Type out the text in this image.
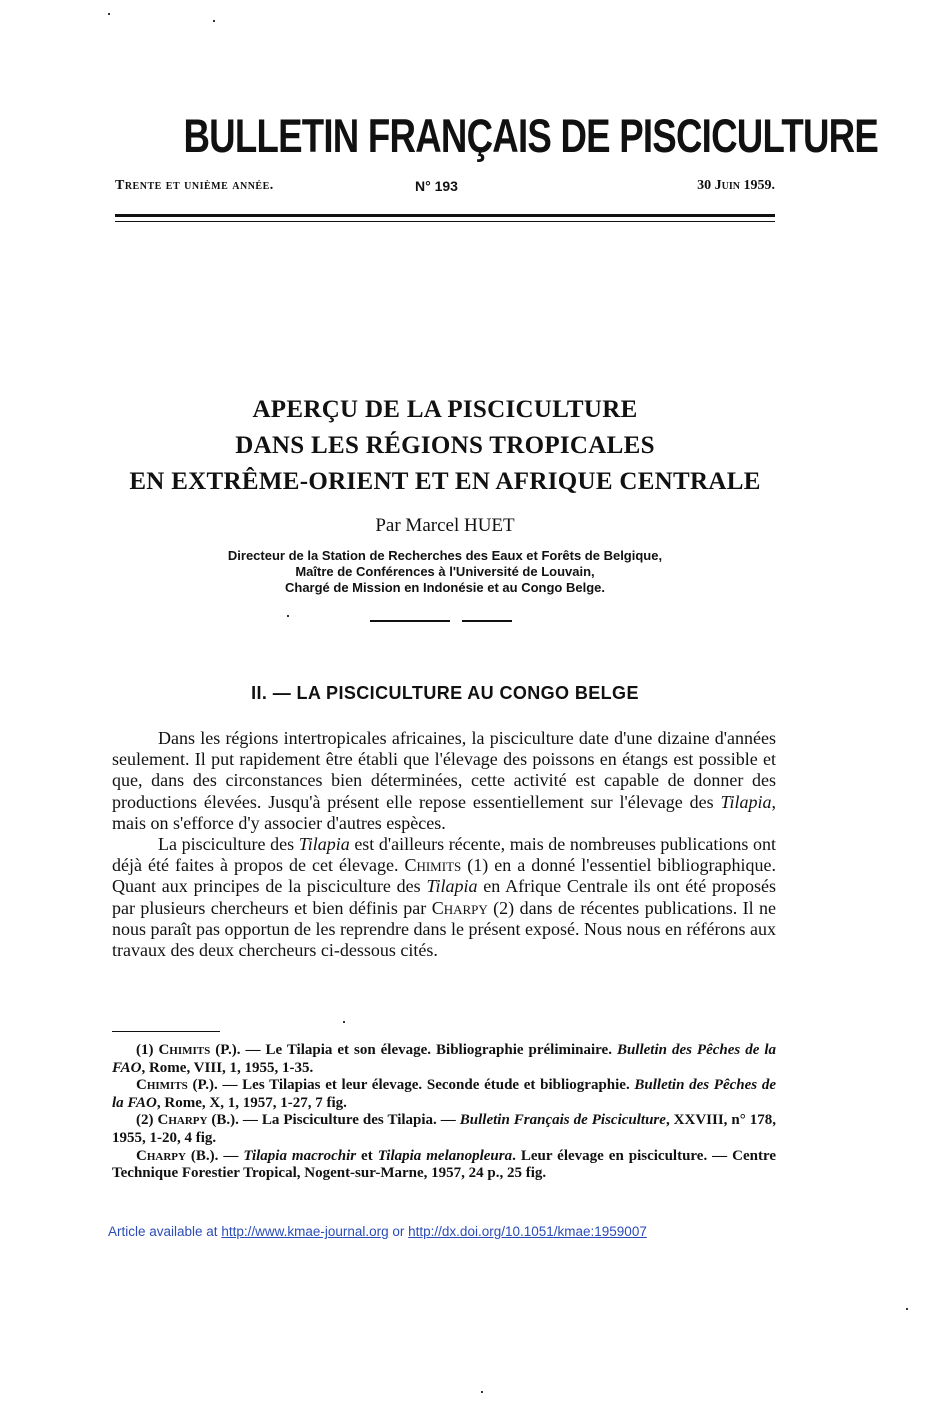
BULLETIN FRANÇAIS DE PISCICULTURE
Trente et unième année.	N° 193	30 Juin 1959.
APERÇU DE LA PISCICULTURE
DANS LES RÉGIONS TROPICALES
EN EXTRÊME-ORIENT ET EN AFRIQUE CENTRALE
Par Marcel HUET
Directeur de la Station de Recherches des Eaux et Forêts de Belgique,
Maître de Conférences à l'Université de Louvain,
Chargé de Mission en Indonésie et au Congo Belge.
II. — LA PISCICULTURE AU CONGO BELGE

Dans les régions intertropicales africaines, la pisciculture date d'une dizaine d'années seulement. Il put rapidement être établi que l'élevage des poissons en étangs est possible et que, dans des circonstances bien déterminées, cette activité est capable de donner des productions élevées. Jusqu'à présent elle repose essentiellement sur l'élevage des Tilapia, mais on s'efforce d'y associer d'autres espèces.

La pisciculture des Tilapia est d'ailleurs récente, mais de nombreuses publications ont déjà été faites à propos de cet élevage. Chimits (1) en a donné l'essentiel bibliographique. Quant aux principes de la pisciculture des Tilapia en Afrique Centrale ils ont été proposés par plusieurs chercheurs et bien définis par Charpy (2) dans de récentes publications. Il ne nous paraît pas opportun de les reprendre dans le présent exposé. Nous nous en référons aux travaux des deux chercheurs ci-dessous cités.

(1) Chimits (P.). — Le Tilapia et son élevage. Bibliographie préliminaire. Bulletin des Pêches de la FAO, Rome, VIII, 1, 1955, 1-35.

Chimits (P.). — Les Tilapias et leur élevage. Seconde étude et bibliographie. Bulletin des Pêches de la FAO, Rome, X, 1, 1957, 1-27, 7 fig.

(2) Charpy (B.). — La Pisciculture des Tilapia. — Bulletin Français de Pisciculture, XXVIII, n° 178, 1955, 1-20, 4 fig.

Charpy (B.). — Tilapia macrochir et Tilapia melanopleura. Leur élevage en pisciculture. — Centre Technique Forestier Tropical, Nogent-sur-Marne, 1957, 24 p., 25 fig.

Article available at http://www.kmae-journal.org or http://dx.doi.org/10.1051/kmae:1959007
